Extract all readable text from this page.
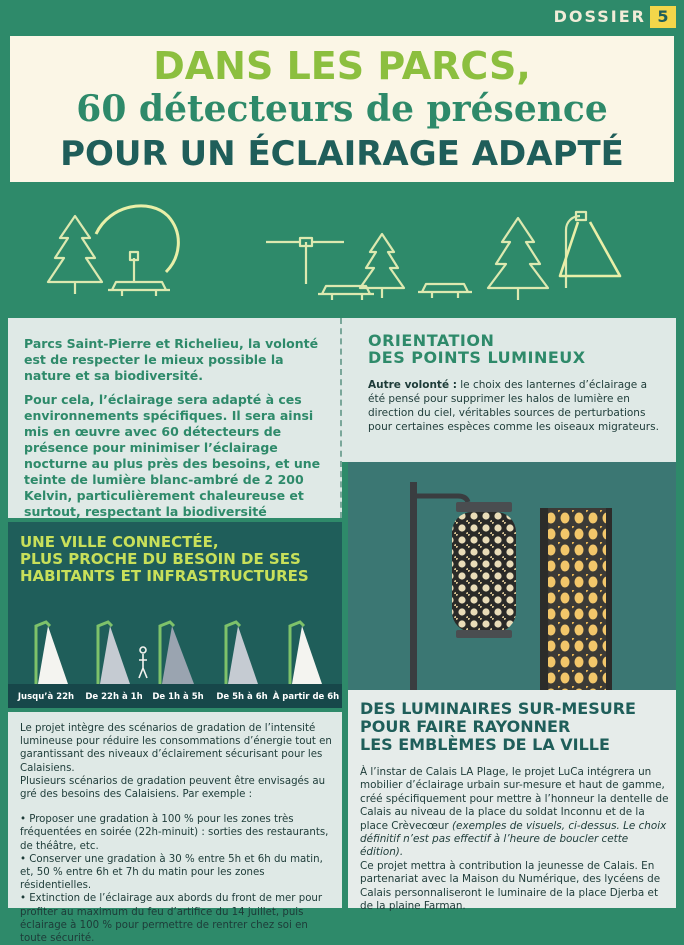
DOSSIER 5
DANS LES PARCS,
60 détecteurs de présence
POUR UN ÉCLAIRAGE ADAPTÉ

Parcs Saint-Pierre et Richelieu, la volonté est de respecter le mieux possible la nature et sa biodiversité.

Pour cela, l’éclairage sera adapté à ces environnements spécifiques. Il sera ainsi mis en œuvre avec 60 détecteurs de présence pour minimiser l’éclairage nocturne au plus près des besoins, et une teinte de lumière blanc-ambré de 2 200 Kelvin, particulièrement chaleureuse et surtout, respectant la biodiversité

ORIENTATION
DES POINTS LUMINEUX
Autre volonté : le choix des lanternes d’éclairage a été pensé pour supprimer les halos de lumière en direction du ciel, véritables sources de perturbations pour certaines espèces comme les oiseaux migrateurs.
UNE VILLE CONNECTÉE,
PLUS PROCHE DU BESOIN DE SES
HABITANTS ET INFRASTRUCTURES
Jusqu’à 22h De 22h à 1h De 1h à 5h De 5h à 6h À partir de 6h
Le projet intègre des scénarios de gradation de l’intensité lumineuse pour réduire les consommations d’énergie tout en garantissant des niveaux d’éclairement sécurisant pour les Calaisiens.
Plusieurs scénarios de gradation peuvent être envisagés au gré des besoins des Calaisiens. Par exemple :
• Proposer une gradation à 100 % pour les zones très fréquentées en soirée (22h-minuit) : sorties des restaurants, de théâtre, etc.
• Conserver une gradation à 30 % entre 5h et 6h du matin, et, 50 % entre 6h et 7h du matin pour les zones résidentielles.
• Extinction de l’éclairage aux abords du front de mer pour profiter au maximum du feu d’artifice du 14 juillet, puis éclairage à 100 % pour permettre de rentrer chez soi en toute sécurité.
DES LUMINAIRES SUR-MESURE
POUR FAIRE RAYONNER
LES EMBLÈMES DE LA VILLE
À l’instar de Calais LA Plage, le projet LuCa intégrera un mobilier d’éclairage urbain sur-mesure et haut de gamme, créé spécifiquement pour mettre à l’honneur la dentelle de Calais au niveau de la place du soldat Inconnu et de la place Crèvecœur (exemples de visuels, ci-dessus. Le choix définitif n’est pas effectif à l’heure de boucler cette édition).
Ce projet mettra à contribution la jeunesse de Calais. En partenariat avec la Maison du Numérique, des lycéens de Calais personnaliseront le luminaire de la place Djerba et de la plaine Farman.
